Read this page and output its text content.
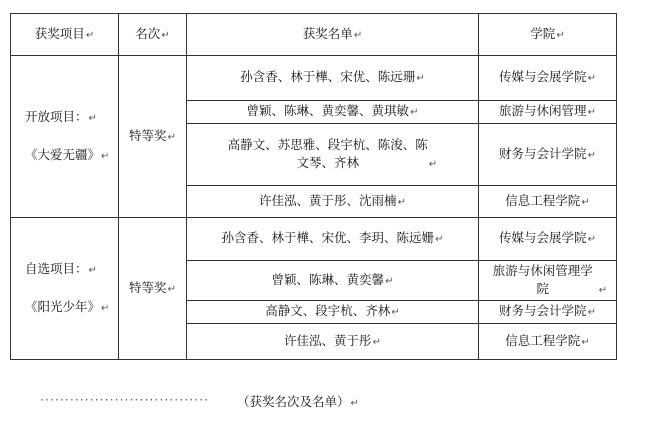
获奖项目↵	名次↵	获奖名单↵	学院↵

开放项目：↵
《大爱无疆》↵	特等奖↵	孙含香、林于樺、宋优、陈远珊↵	传媒与会展学院↵
		曾颖、陈琳、黄奕馨、黄琪敏↵	旅游与休闲管理↵
		高静文、苏思雅、段宇杭、陈浚、陈文琴、齐林 ↵	财务与会计学院↵
		许佳泓、黄于彤、沈雨楠↵	信息工程学院↵

自选项目：↵
《阳光少年》↵	特等奖↵	孙含香、林于樺、宋优、李玥、陈远姗↵	传媒与会展学院↵
		曾颖、陈琳、黄奕馨↵	旅游与休闲管理学院 ↵
		高静文、段宇杭、齐林↵	财务与会计学院↵
		许佳泓、黄于彤↵	信息工程学院↵
·································· （获奖名次及名单）↵
